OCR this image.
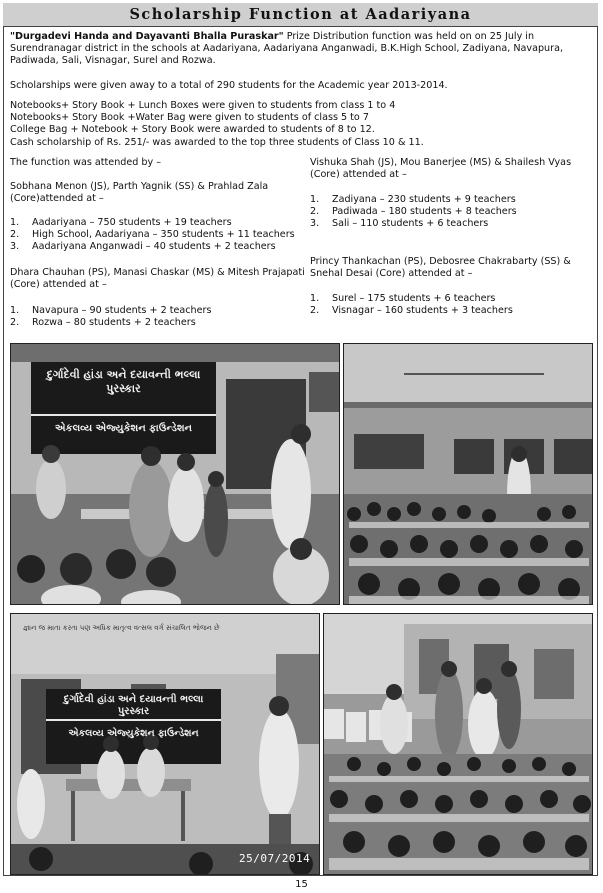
Scholarship Function at Aadariyana

"Durgadevi Handa and Dayavanti Bhalla Puraskar" Prize Distribution function was held on on 25 July in Surendranagar district in the schools at Aadariyana, Aadariyana Anganwadi, B.K.High School, Zadiyana, Navapura, Padiwada, Sali, Visnagar, Surel and Rozwa.

Scholarships were given away to a total of 290 students for the Academic year 2013-2014.

Notebooks+ Story Book + Lunch Boxes were given to students from class 1 to 4
Notebooks+ Story Book +Water Bag were given to students of class 5 to 7
College Bag + Notebook + Story Book were awarded to students of 8 to 12.
Cash scholarship of Rs. 251/- was awarded to the top three students of Class 10 & 11.

The function was attended by –

Sobhana Menon (JS), Parth Yagnik (SS) & Prahlad Zala (Core)attended at –

1. Aadariyana – 750 students + 19 teachers
2. High School, Aadariyana – 350 students + 11 teachers
3. Aadariyana Anganwadi – 40 students + 2 teachers

Dhara Chauhan (PS), Manasi Chaskar (MS) & Mitesh Prajapati (Core) attended at –

1. Navapura – 90 students + 2 teachers
2. Rozwa – 80 students + 2 teachers

Vishuka Shah (JS), Mou Banerjee (MS) & Shailesh Vyas (Core) attended at –

1. Zadiyana – 230 students + 9 teachers
2. Padiwada – 180 students + 8 teachers
3. Sali – 110 students + 6 teachers

Princy Thankachan (PS), Debosree Chakrabarty (SS) & Snehal Desai (Core) attended at –

1. Surel – 175 students + 6 teachers
2. Visnagar – 160 students + 3 teachers
દુર્ગાદેવી હાંડા અને દયાવન્તી ભલ્લા પુરસ્કાર
એકલવ્ય એજ્યુકેશન ફાઉન્ડેશન
જ્ઞાન જ માતા કરતા પણ અધિક માતૃત્વ વત્સલ વર્ગ સંચાલિત ભોજન છે
દુર્ગાદેવી હાંડા અને દયાવન્તી ભલ્લા પુરસ્કાર
એકલવ્ય એજ્યુકેશન ફાઉન્ડેશન
25/07/2014
15
